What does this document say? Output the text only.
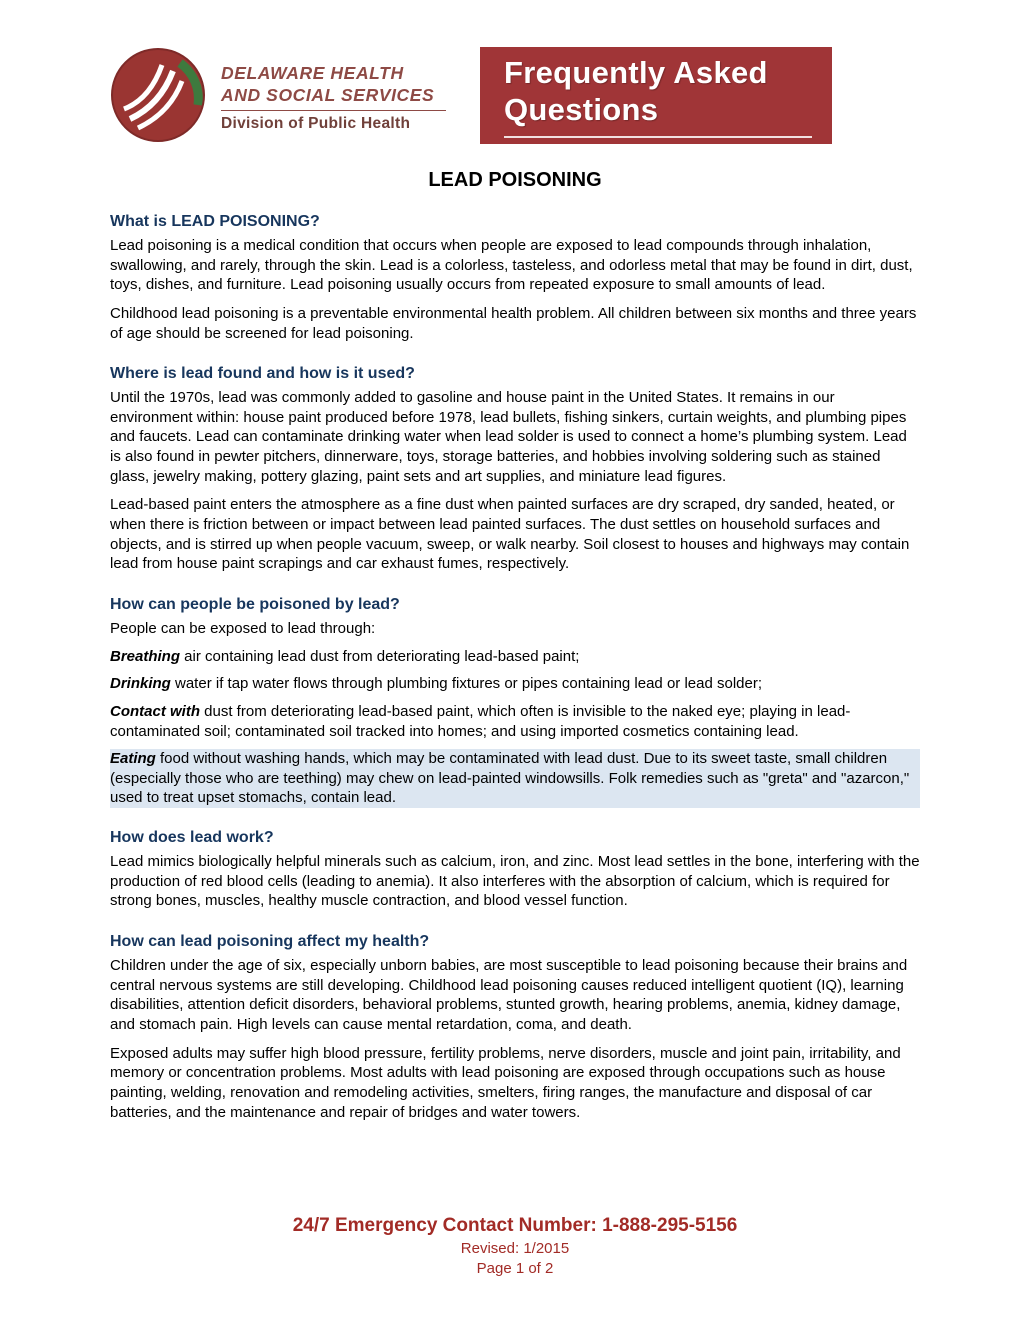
DELAWARE HEALTH
AND SOCIAL SERVICES
Division of Public Health
Frequently Asked
Questions
LEAD POISONING
What is LEAD POISONING?

Lead poisoning is a medical condition that occurs when people are exposed to lead compounds through inhalation, swallowing, and rarely, through the skin. Lead is a colorless, tasteless, and odorless metal that may be found in dirt, dust, toys, dishes, and furniture. Lead poisoning usually occurs from repeated exposure to small amounts of lead.

Childhood lead poisoning is a preventable environmental health problem. All children between six months and three years of age should be screened for lead poisoning.

Where is lead found and how is it used?

Until the 1970s, lead was commonly added to gasoline and house paint in the United States. It remains in our environment within: house paint produced before 1978, lead bullets, fishing sinkers, curtain weights, and plumbing pipes and faucets. Lead can contaminate drinking water when lead solder is used to connect a home’s plumbing system. Lead is also found in pewter pitchers, dinnerware, toys, storage batteries, and hobbies involving soldering such as stained glass, jewelry making, pottery glazing, paint sets and art supplies, and miniature lead figures.

Lead-based paint enters the atmosphere as a fine dust when painted surfaces are dry scraped, dry sanded, heated, or when there is friction between or impact between lead painted surfaces. The dust settles on household surfaces and objects, and is stirred up when people vacuum, sweep, or walk nearby. Soil closest to houses and highways may contain lead from house paint scrapings and car exhaust fumes, respectively.

How can people be poisoned by lead?

People can be exposed to lead through:

Breathing air containing lead dust from deteriorating lead-based paint;

Drinking water if tap water flows through plumbing fixtures or pipes containing lead or lead solder;

Contact with dust from deteriorating lead-based paint, which often is invisible to the naked eye; playing in lead-contaminated soil; contaminated soil tracked into homes; and using imported cosmetics containing lead.

Eating food without washing hands, which may be contaminated with lead dust. Due to its sweet taste, small children (especially those who are teething) may chew on lead-painted windowsills. Folk remedies such as "greta" and "azarcon," used to treat upset stomachs, contain lead.

How does lead work?

Lead mimics biologically helpful minerals such as calcium, iron, and zinc. Most lead settles in the bone, interfering with the production of red blood cells (leading to anemia). It also interferes with the absorption of calcium, which is required for strong bones, muscles, healthy muscle contraction, and blood vessel function.

How can lead poisoning affect my health?

Children under the age of six, especially unborn babies, are most susceptible to lead poisoning because their brains and central nervous systems are still developing. Childhood lead poisoning causes reduced intelligent quotient (IQ), learning disabilities, attention deficit disorders, behavioral problems, stunted growth, hearing problems, anemia, kidney damage, and stomach pain. High levels can cause mental retardation, coma, and death.

Exposed adults may suffer high blood pressure, fertility problems, nerve disorders, muscle and joint pain, irritability, and memory or concentration problems. Most adults with lead poisoning are exposed through occupations such as house painting, welding, renovation and remodeling activities, smelters, firing ranges, the manufacture and disposal of car batteries, and the maintenance and repair of bridges and water towers.

24/7 Emergency Contact Number: 1-888-295-5156
Revised: 1/2015
Page 1 of 2
